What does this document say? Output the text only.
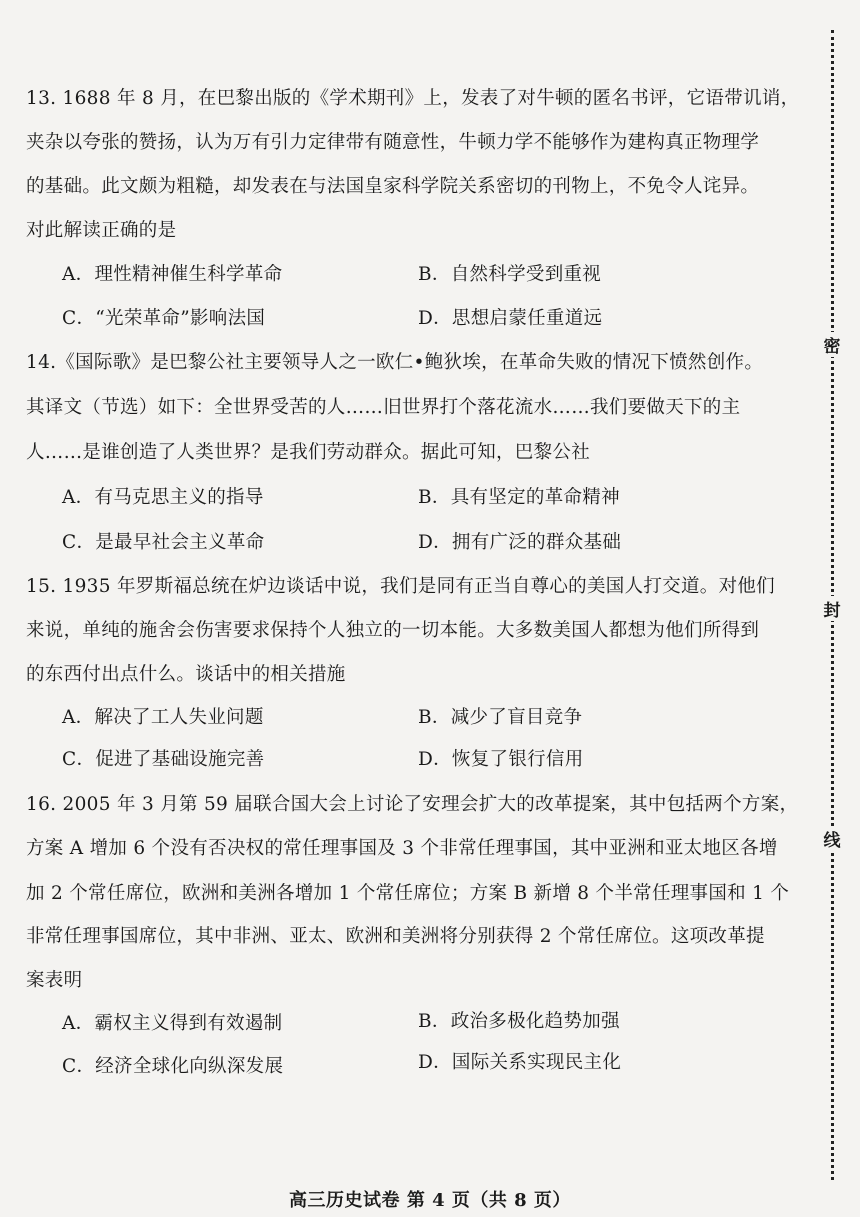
13. 1688 年 8 月，在巴黎出版的《学术期刊》上，发表了对牛顿的匿名书评，它语带讥诮，
夹杂以夸张的赞扬，认为万有引力定律带有随意性，牛顿力学不能够作为建构真正物理学
的基础。此文颇为粗糙，却发表在与法国皇家科学院关系密切的刊物上，不免令人诧异。
对此解读正确的是
A．理性精神催生科学革命	B．自然科学受到重视
C．“光荣革命”影响法国	D．思想启蒙任重道远
14.《国际歌》是巴黎公社主要领导人之一欧仁•鲍狄埃，在革命失败的情况下愤然创作。
其译文（节选）如下：全世界受苦的人……旧世界打个落花流水……我们要做天下的主
人……是谁创造了人类世界？是我们劳动群众。据此可知，巴黎公社
A．有马克思主义的指导	B．具有坚定的革命精神
C．是最早社会主义革命	D．拥有广泛的群众基础
15. 1935 年罗斯福总统在炉边谈话中说，我们是同有正当自尊心的美国人打交道。对他们
来说，单纯的施舍会伤害要求保持个人独立的一切本能。大多数美国人都想为他们所得到
的东西付出点什么。谈话中的相关措施
A．解决了工人失业问题	B．减少了盲目竞争
C．促进了基础设施完善	D．恢复了银行信用
16. 2005 年 3 月第 59 届联合国大会上讨论了安理会扩大的改革提案，其中包括两个方案，
方案 A 增加 6 个没有否决权的常任理事国及 3 个非常任理事国，其中亚洲和亚太地区各增
加 2 个常任席位，欧洲和美洲各增加 1 个常任席位；方案 B 新增 8 个半常任理事国和 1 个
非常任理事国席位，其中非洲、亚太、欧洲和美洲将分别获得 2 个常任席位。这项改革提
案表明
A．霸权主义得到有效遏制	B．政治多极化趋势加强
C．经济全球化向纵深发展	D．国际关系实现民主化
密
封
线
高三历史试卷 第 4 页（共 8 页）
